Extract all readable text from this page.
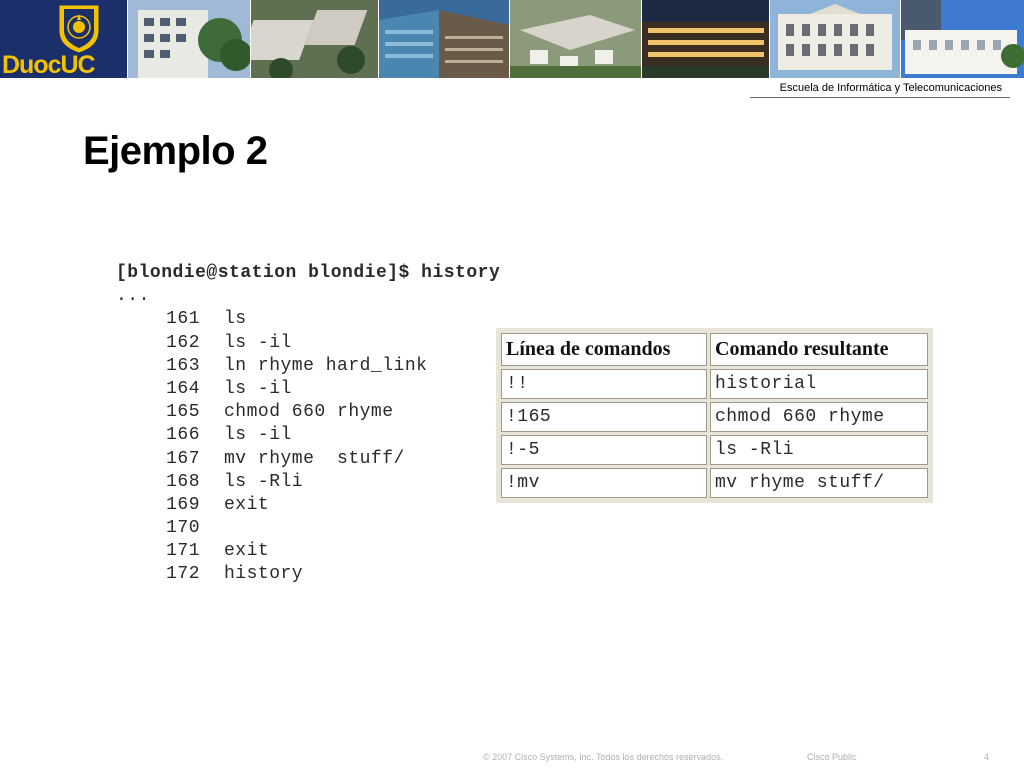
DuocUC
Escuela de Informática y Telecomunicaciones
Ejemplo 2
[blondie@station blondie]$ history
...
161	ls
162	ls -il
163	ln rhyme hard_link
164	ls -il
165	chmod 660 rhyme
166	ls -il
167	mv rhyme  stuff/
168	ls -Rli
169	exit
170
171	exit
172	history
Línea de comandos	Comando resultante
!!	historial
!165	chmod 660 rhyme
!-5	ls -Rli
!mv	mv rhyme stuff/
© 2007 Cisco Systems, Inc. Todos los derechos reservados.	Cisco Public	4
